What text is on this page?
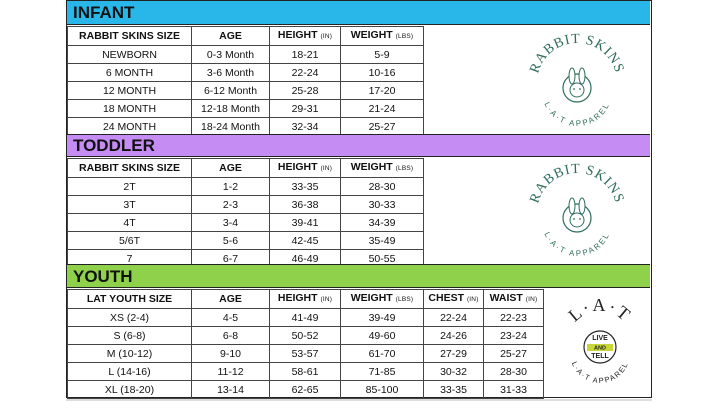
INFANT
RABBIT SKINS SIZE	AGE	HEIGHT (IN)	WEIGHT (LBS)
NEWBORN	0-3 Month	18-21	5-9
6 MONTH	3-6 Month	22-24	10-16
12 MONTH	6-12 Month	25-28	17-20
18 MONTH	12-18 Month	29-31	21-24
24 MONTH	18-24 Month	32-34	25-27
RABBIT SKINS
L·A·T APPAREL
TODDLER
RABBIT SKINS SIZE	AGE	HEIGHT (IN)	WEIGHT (LBS)
2T	1-2	33-35	28-30
3T	2-3	36-38	30-33
4T	3-4	39-41	34-39
5/6T	5-6	42-45	35-49
7	6-7	46-49	50-55
RABBIT SKINS
L·A·T APPAREL
YOUTH
LAT YOUTH SIZE	AGE	HEIGHT (IN)	WEIGHT (LBS)	CHEST (IN)	WAIST (IN)
XS (2-4)	4-5	41-49	39-49	22-24	22-23
S (6-8)	6-8	50-52	49-60	24-26	23-24
M (10-12)	9-10	53-57	61-70	27-29	25-27
L (14-16)	11-12	58-61	71-85	30-32	28-30
XL (18-20)	13-14	62-65	85-100	33-35	31-33
L·A·T
L·A·T APPAREL
LIVE
AND
TELL
